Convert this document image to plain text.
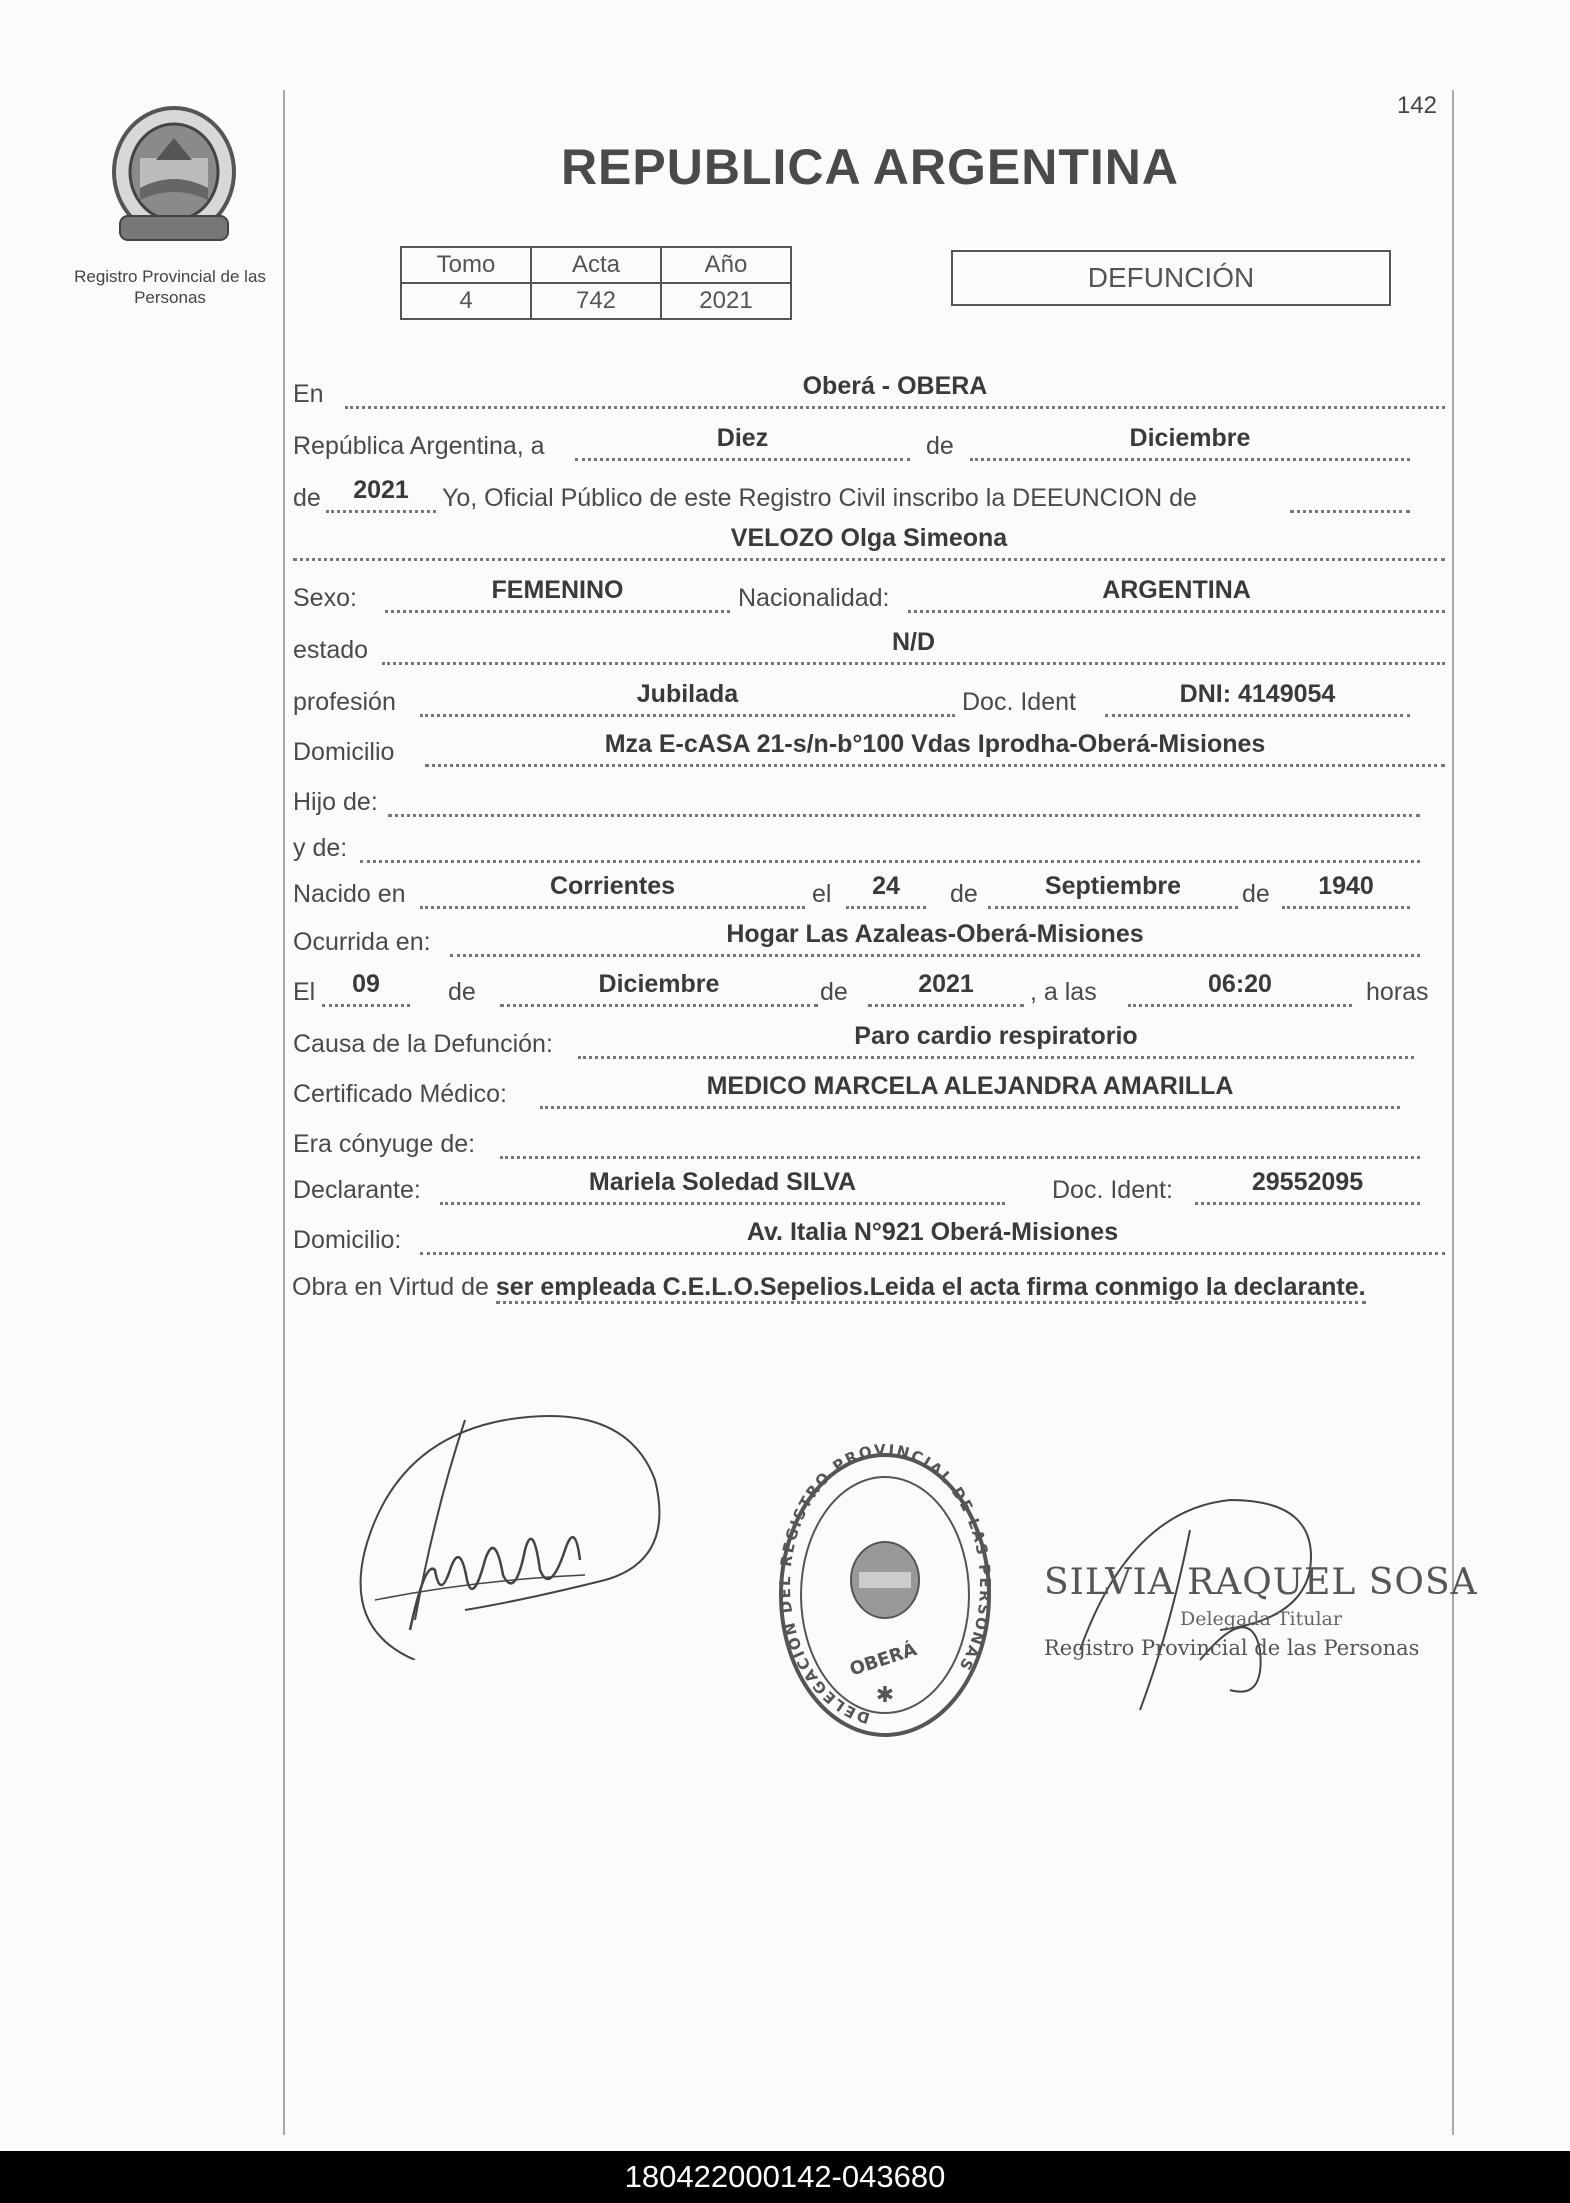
Registro Provincial de las Personas
142
REPUBLICA ARGENTINA
Tomo	Acta	Año
4	742	2021
DEFUNCIÓN
En	Oberá - OBERA
República Argentina, a	Diez	de	Diciembre
de	2021	Yo, Oficial Público de este Registro Civil inscribo la DEEUNCION de
VELOZO Olga Simeona
Sexo:	FEMENINO	Nacionalidad:	ARGENTINA
estado	N/D
profesión	Jubilada	Doc. Ident	DNI: 4149054
Domicilio	Mza E-cASA 21-s/n-b°100 Vdas Iprodha-Oberá-Misiones
Hijo de:
y de:
Nacido en	Corrientes	el	24	de	Septiembre	de	1940
Ocurrida en:	Hogar Las Azaleas-Oberá-Misiones
El	09	de	Diciembre	de	2021	, a las	06:20	horas
Causa de la Defunción:	Paro cardio respiratorio
Certificado Médico:	MEDICO MARCELA ALEJANDRA AMARILLA
Era cónyuge de:
Declarante:	Mariela Soledad SILVA	Doc. Ident:	29552095
Domicilio:	Av. Italia N°921 Oberá-Misiones
Obra en Virtud de ser empleada C.E.L.O.Sepelios.Leida el acta firma conmigo la declarante.
DELEGACION DEL REGISTRO PROVINCIAL DE LAS PERSONAS
OBERÁ
✱
SILVIA RAQUEL SOSA
Delegada Titular
Registro Provincial de las Personas
180422000142-043680
